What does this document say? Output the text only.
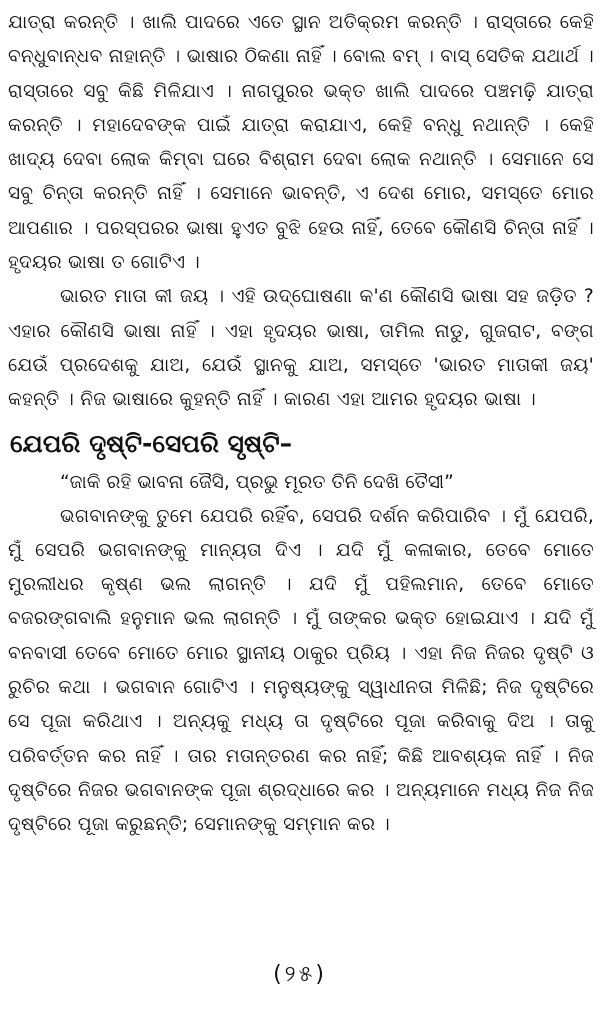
ଯାତ୍ରା କରନ୍ତି । ଖାଲି ପାଦରେ ଏତେ ସ୍ଥାନ ଅତିକ୍ରମ କରନ୍ତି । ରାସ୍ତାରେ କେହି ବନ୍ଧୁବାନ୍ଧବ ନାହାନ୍ତି । ଭାଷାର ଠିକଣା ନାହିଁ । ବୋଲ ବମ୍ । ବାସ୍ ସେତିକ ଯଥାର୍ଥ । ରାସ୍ତାରେ ସବୁ କିଛି ମିଳିଯାଏ । ନାଗପୁରର ଭକ୍ତ ଖାଲି ପାଦରେ ପଞ୍ଚମଢ଼ି ଯାତ୍ରା କରନ୍ତି । ମହାଦେବଙ୍କ ପାଇଁ ଯାତ୍ରା କରାଯାଏ, କେହି ବନ୍ଧୁ ନଥାନ୍ତି । କେହି ଖାଦ୍ୟ ଦେବା ଲୋକ କିମ୍ବା ଘରେ ବିଶ୍ରାମ ଦେବା ଲୋକ ନଥାନ୍ତି । ସେମାନେ ସେ ସବୁ ଚିନ୍ତା କରନ୍ତି ନାହିଁ । ସେମାନେ ଭାବନ୍ତି, ଏ ଦେଶ ମୋର, ସମସ୍ତେ ମୋର ଆପଣାର । ପରସ୍ପରର ଭାଷା ହୁଏତ ବୁଝି ହେଉ ନାହିଁ, ତେବେ କୌଣସି ଚିନ୍ତା ନାହିଁ । ହୃଦୟର ଭାଷା ତ ଗୋଟିଏ ।

ଭାରତ ମାତା କୀ ଜୟ । ଏହି ଉଦ୍‌ଘୋଷଣା କ'ଣ କୌଣସି ଭାଷା ସହ ଜଡ଼ିତ ? ଏହାର କୌଣସି ଭାଷା ନାହିଁ । ଏହା ହୃଦୟର ଭାଷା, ତାମିଲ ନାଡୁ, ଗୁଜରାଟ, ବଙ୍ଗ ଯେଉଁ ପ୍ରଦେଶକୁ ଯାଅ, ଯେଉଁ ସ୍ଥାନକୁ ଯାଅ, ସମସ୍ତେ 'ଭାରତ ମାତାକୀ ଜୟ' କହନ୍ତି । ନିଜ ଭାଷାରେ କୁହନ୍ତି ନାହିଁ । କାରଣ ଏହା ଆମର ହୃଦୟର ଭାଷା ।

ଯେପରି ଦୃଷ୍ଟି-ସେପରି ସୃଷ୍ଟି–
“ଜାକି ରହି ଭାବନା ଜୈସି, ପ୍ରଭୁ ମୂରତ ତିନି ଦେଖି ତୈସୀ”

ଭଗବାନଙ୍କୁ ତୁମେ ଯେପରି ରହିଁବ, ସେପରି ଦର୍ଶନ କରିପାରିବ । ମୁଁ ଯେପରି, ମୁଁ ସେପରି ଭଗବାନଙ୍କୁ ମାନ୍ୟତା ଦିଏ । ଯଦି ମୁଁ କଳାକାର, ତେବେ ମୋତେ ମୁରଲୀଧର କୃଷ୍ଣ ଭଲ ଲାଗନ୍ତି । ଯଦି ମୁଁ ପହିଲମାନ, ତେବେ ମୋତେ ବଜରଙ୍ଗବାଲି ହନୁମାନ ଭଲ ଲାଗନ୍ତି । ମୁଁ ତାଙ୍କର ଭକ୍ତ ହୋଇଯାଏ । ଯଦି ମୁଁ ବନବାସୀ ତେବେ ମୋତେ ମୋର ସ୍ଥାନୀୟ ଠାକୁର ପ୍ରିୟ । ଏହା ନିଜ ନିଜର ଦୃଷ୍ଟି ଓ ରୁଚିର କଥା । ଭଗବାନ ଗୋଟିଏ । ମନୁଷ୍ୟଙ୍କୁ ସ୍ୱାଧୀନତା ମିଳିଛି; ନିଜ ଦୃଷ୍ଟିରେ ସେ ପୂଜା କରିଥାଏ । ଅନ୍ୟକୁ ମଧ୍ୟ ତା ଦୃଷ୍ଟିରେ ପୂଜା କରିବାକୁ ଦିଅ । ତାକୁ ପରିବର୍ତ୍ତନ କର ନାହିଁ । ତାର ମତାନ୍ତରଣ କର ନାହିଁ; କିଛି ଆବଶ୍ୟକ ନାହିଁ । ନିଜ ଦୃଷ୍ଟିରେ ନିଜର ଭଗବାନଙ୍କ ପୂଜା ଶ୍ରଦ୍ଧାରେ କର । ଅନ୍ୟମାନେ ମଧ୍ୟ ନିଜ ନିଜ ଦୃଷ୍ଟିରେ ପୂଜା କରୁଛନ୍ତି; ସେମାନଙ୍କୁ ସମ୍ମାନ କର ।

(୨୫)
